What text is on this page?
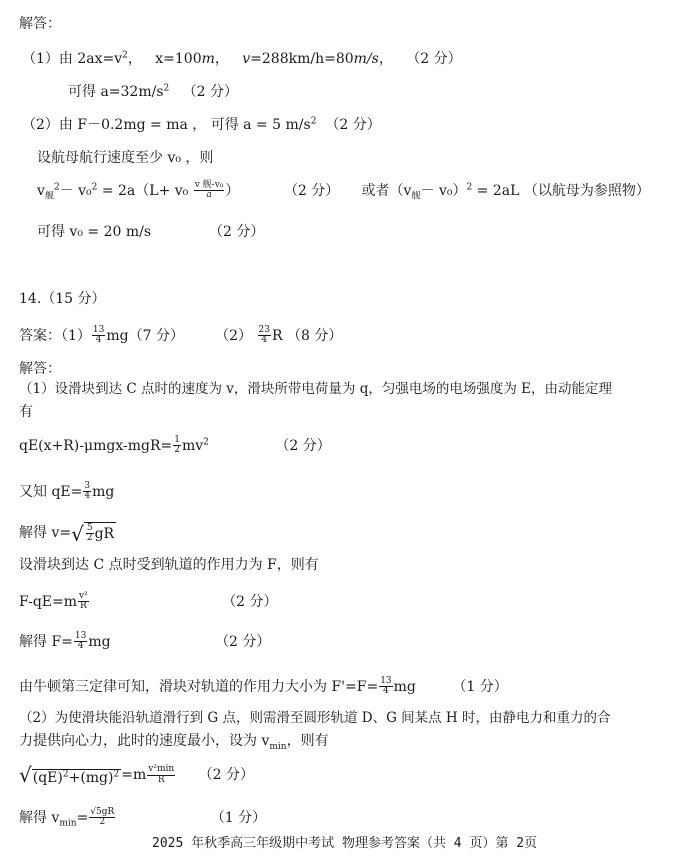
解答：
（1）由 $2ax=v^2$， x=100m， v=288km/h=80m/s， （2 分）
可得 $a=32m/s^2$ （2 分）
（2）由 F－0.2mg = ma ， 可得 a = 5 $m/s^2$ （2 分）
设航母航行速度至少 v₀ ，则
$v_舰^2- v_0^2 = 2a(L+ v_0 \frac{\text{v 舰-v₀}}{a}$ ）	（2 分） 或者$(v_舰- v_0)^2 = 2aL$ （以航母为参照物）
可得 v₀ = 20 m/s	（2 分）
14.（15 分）
答案：$(1) \frac{13}{4} mg(7$ 分） $(2) \frac{23}{4}$ R （8 分）
解答：
（1）设滑块到达 C 点时的速度为 v，滑块所带电荷量为 q，匀强电场的电场强度为 E，由动能定理
有
$qE(x+R)-\mu mgx-mgR= \frac{1}{2} mv^2$	（2 分）
又知 $qE= \frac{3}{4}$ mg
解得 v= √ $\frac{5}{2}$ gR
设滑块到达 C 点时受到轨道的作用力为 F，则有
$F-qE=m \frac{\text{v²}}{R}$	（2 分）
解得 $F= \frac{13}{4}$ mg	（2 分）
由牛顿第三定律可知，滑块对轨道的作用力大小为 $F'=F= \frac{13}{4}$ mg	（1 分）
（2）为使滑块能沿轨道滑行到 G 点，则需滑至圆形轨道 D、G 间某点 H 时，由静电力和重力的合
力提供向心力，此时的速度最小，设为 $v_{min}$，则有
√ $(qE)^2+(mg)^2 =m \frac{\text{v²min}}{R} (2$ 分）
解得 $v_{min}= \frac{√5gR}{2}$	（1 分）
2025 年秋季高三年级期中考试 物理参考答案（共 4 页）第 2页
